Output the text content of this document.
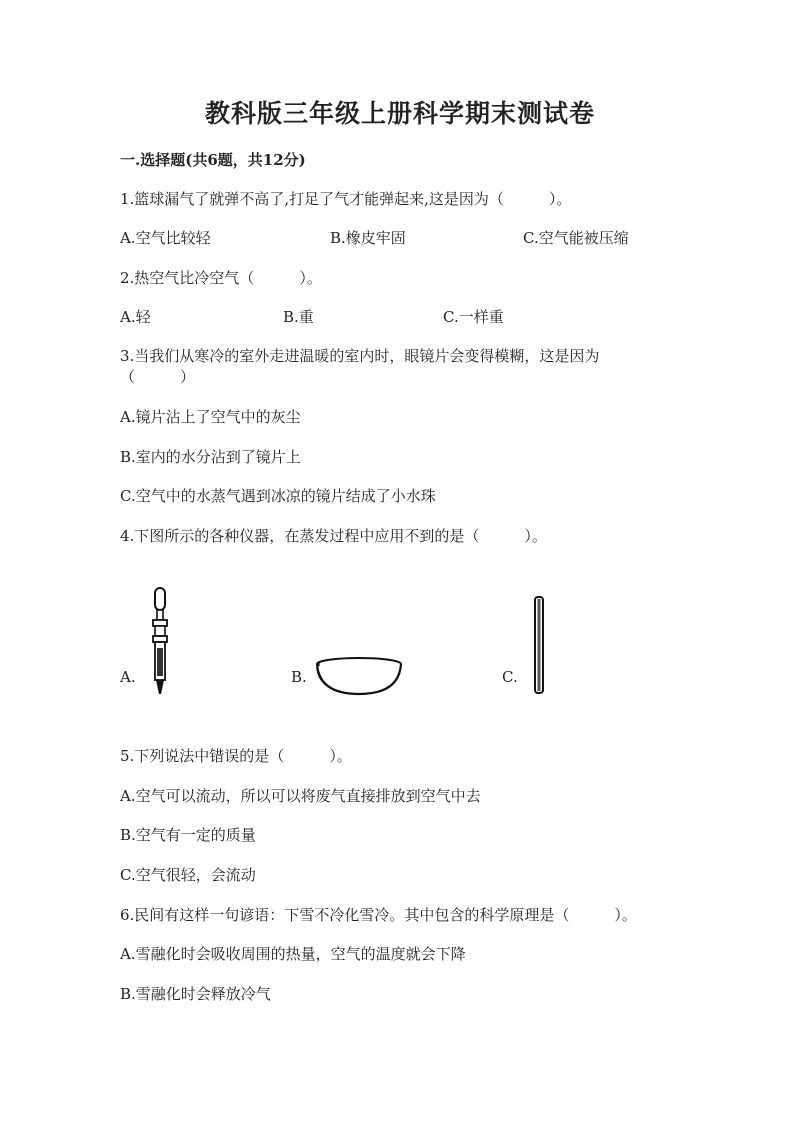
教科版三年级上册科学期末测试卷
一.选择题(共6题，共12分)
1.篮球漏气了就弹不高了,打足了气才能弹起来,这是因为（　　　）。
A.空气比较轻	B.橡皮牢固	C.空气能被压缩
2.热空气比冷空气（　　　）。
A.轻	B.重	C.一样重
3.当我们从寒冷的室外走进温暖的室内时，眼镜片会变得模糊，这是因为
（　　　）
A.镜片沾上了空气中的灰尘
B.室内的水分沾到了镜片上
C.空气中的水蒸气遇到冰凉的镜片结成了小水珠
4.下图所示的各种仪器，在蒸发过程中应用不到的是（　　　）。
A.	B.	C.
5.下列说法中错误的是（　　　）。
A.空气可以流动，所以可以将废气直接排放到空气中去
B.空气有一定的质量
C.空气很轻，会流动
6.民间有这样一句谚语：下雪不冷化雪冷。其中包含的科学原理是（　　　）。
A.雪融化时会吸收周围的热量，空气的温度就会下降
B.雪融化时会释放冷气
